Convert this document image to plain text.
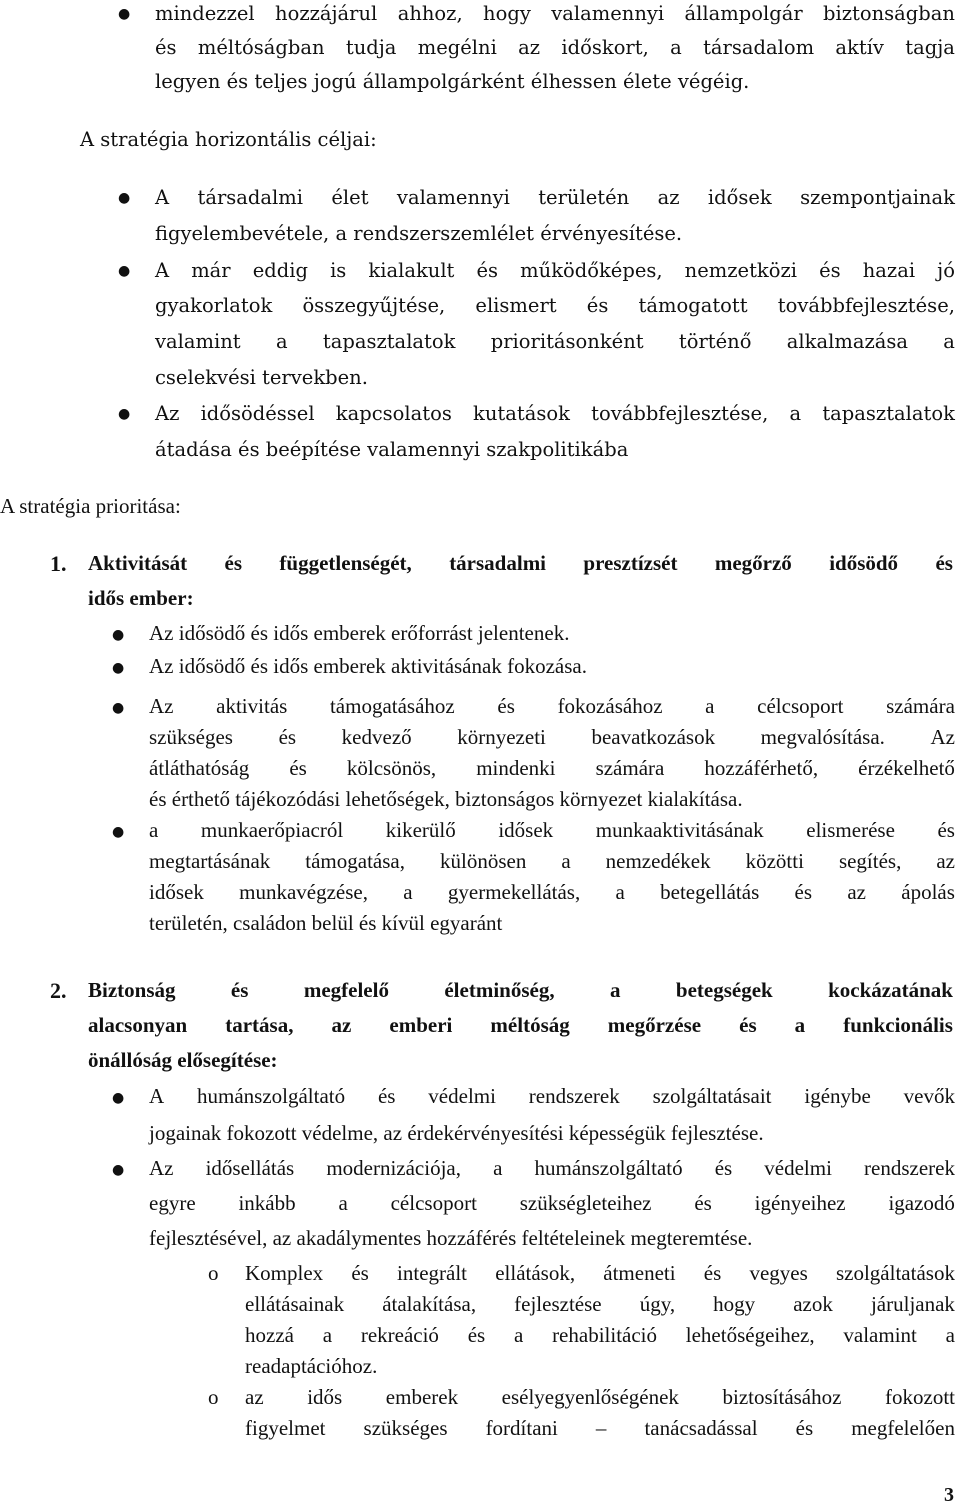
● mindezzel hozzájárul ahhoz, hogy valamennyi állampolgár biztonságban
és méltóságban tudja megélni az időskort, a társadalom aktív tagja
legyen és teljes jogú állampolgárként élhessen élete végéig.
A stratégia horizontális céljai:
● A társadalmi élet valamennyi területén az idősek szempontjainak
figyelembevétele, a rendszerszemlélet érvényesítése.
● A már eddig is kialakult és működőképes, nemzetközi és hazai jó
gyakorlatok összegyűjtése, elismert és támogatott továbbfejlesztése,
valamint a tapasztalatok prioritásonként történő alkalmazása a
cselekvési tervekben.
● Az idősödéssel kapcsolatos kutatások továbbfejlesztése, a tapasztalatok
átadása és beépítése valamennyi szakpolitikába
A stratégia prioritása:
1. Aktivitását és függetlenségét, társadalmi presztízsét megőrző idősödő és
idős ember:
● Az idősödő és idős emberek erőforrást jelentenek.
● Az idősödő és idős emberek aktivitásának fokozása.
● Az aktivitás támogatásához és fokozásához a célcsoport számára
szükséges és kedvező környezeti beavatkozások megvalósítása. Az
átláthatóság és kölcsönös, mindenki számára hozzáférhető, érzékelhető
és érthető tájékozódási lehetőségek, biztonságos környezet kialakítása.
● a munkaerőpiacról kikerülő idősek munkaaktivitásának elismerése és
megtartásának támogatása, különösen a nemzedékek közötti segítés, az
idősek munkavégzése, a gyermekellátás, a betegellátás és az ápolás
területén, családon belül és kívül egyaránt
2. Biztonság	és	megfelelő	életminőség,	a	betegségek	kockázatának
alacsonyan tartása, az emberi méltóság megőrzése és a funkcionális
önállóság elősegítése:
● A humánszolgáltató és védelmi rendszerek szolgáltatásait igénybe vevők
jogainak fokozott védelme, az érdekérvényesítési képességük fejlesztése.
● Az idősellátás modernizációja, a humánszolgáltató és védelmi rendszerek
egyre inkább a célcsoport szükségleteihez és igényeihez igazodó
fejlesztésével, az akadálymentes hozzáférés feltételeinek megteremtése.
o Komplex és integrált ellátások, átmeneti és vegyes szolgáltatások
ellátásainak átalakítása, fejlesztése úgy, hogy azok járuljanak
hozzá a rekreáció és a rehabilitáció lehetőségeihez, valamint a
readaptációhoz.
o az idős emberek esélyegyenlőségének biztosításához fokozott
figyelmet szükséges fordítani – tanácsadással és megfelelően
3
